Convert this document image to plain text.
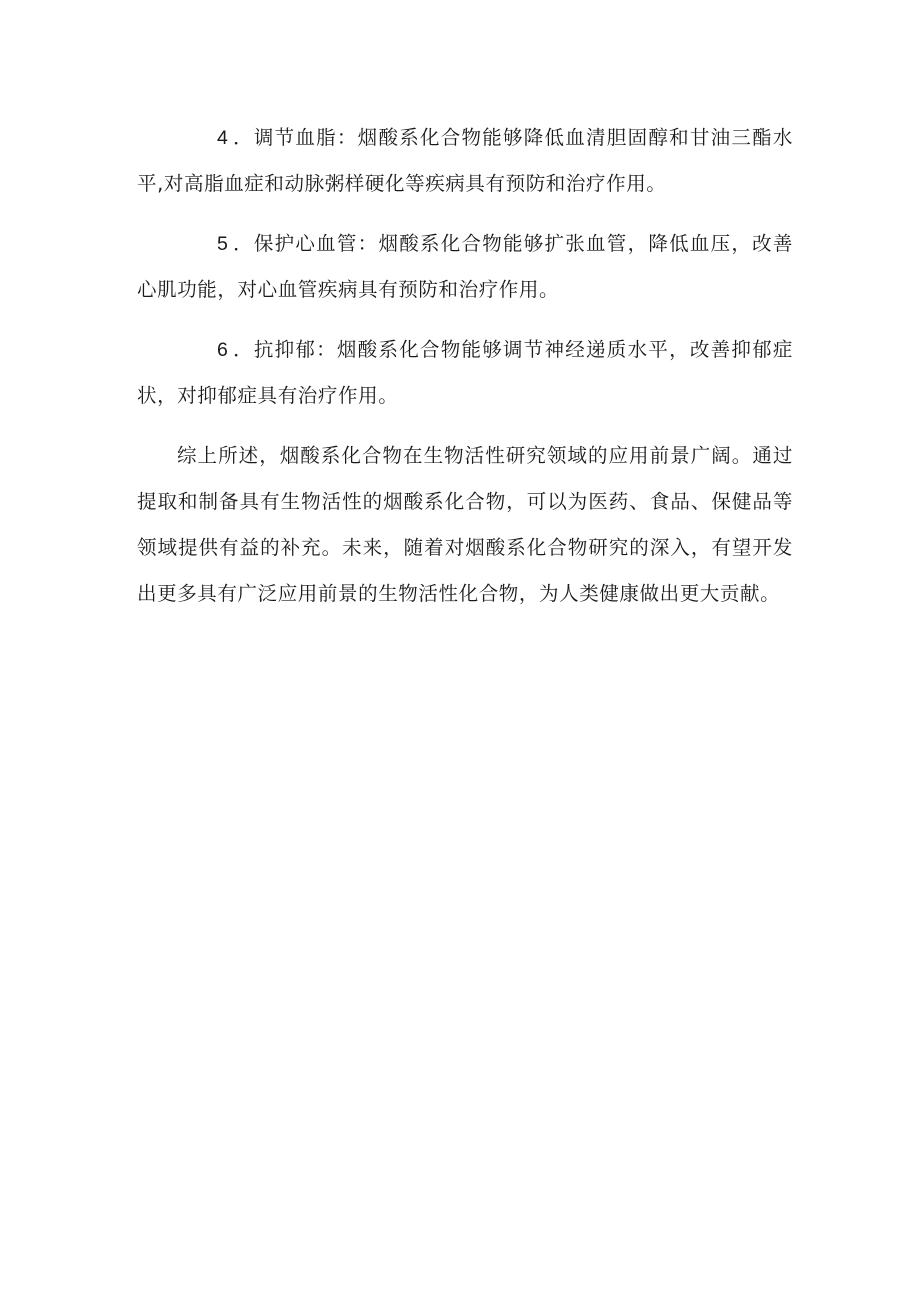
4 ．调节血脂：烟酸系化合物能够降低血清胆固醇和甘油三酯水平,对高脂血症和动脉粥样硬化等疾病具有预防和治疗作用。

5 ．保护心血管：烟酸系化合物能够扩张血管，降低血压，改善心肌功能，对心血管疾病具有预防和治疗作用。

6 ．抗抑郁：烟酸系化合物能够调节神经递质水平，改善抑郁症状，对抑郁症具有治疗作用。

综上所述，烟酸系化合物在生物活性研究领域的应用前景广阔。通过提取和制备具有生物活性的烟酸系化合物，可以为医药、食品、保健品等领域提供有益的补充。未来，随着对烟酸系化合物研究的深入，有望开发出更多具有广泛应用前景的生物活性化合物，为人类健康做出更大贡献。
